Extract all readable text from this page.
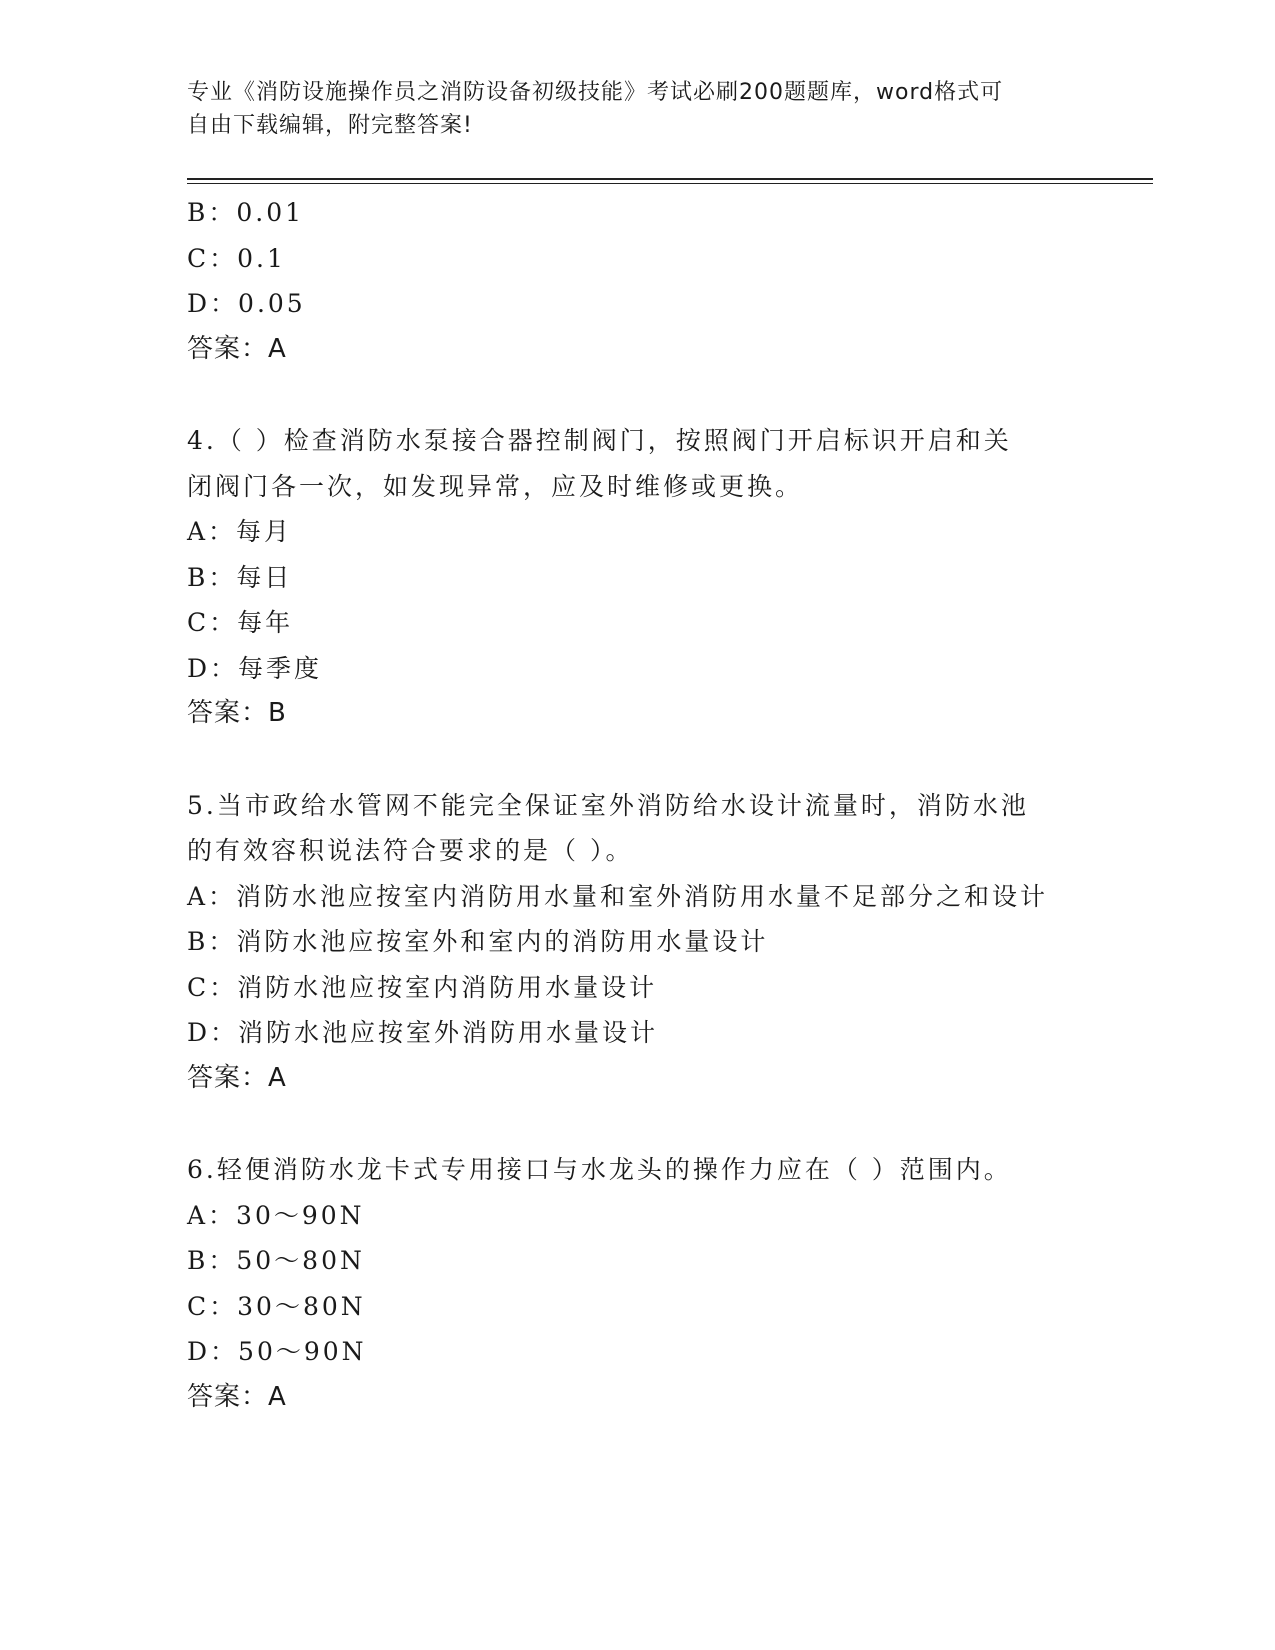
专业《消防设施操作员之消防设备初级技能》考试必刷200题题库，word格式可
自由下载编辑，附完整答案!
B：0.01
C：0.1
D：0.05
答案：A
4.（ ）检查消防水泵接合器控制阀门，按照阀门开启标识开启和关
闭阀门各一次，如发现异常，应及时维修或更换。
A：每月
B：每日
C：每年
D：每季度
答案：B
5.当市政给水管网不能完全保证室外消防给水设计流量时，消防水池
的有效容积说法符合要求的是（ ）。
A：消防水池应按室内消防用水量和室外消防用水量不足部分之和设计
B：消防水池应按室外和室内的消防用水量设计
C：消防水池应按室内消防用水量设计
D：消防水池应按室外消防用水量设计
答案：A
6.轻便消防水龙卡式专用接口与水龙头的操作力应在（ ）范围内。
A：30～90N
B：50～80N
C：30～80N
D：50～90N
答案：A
